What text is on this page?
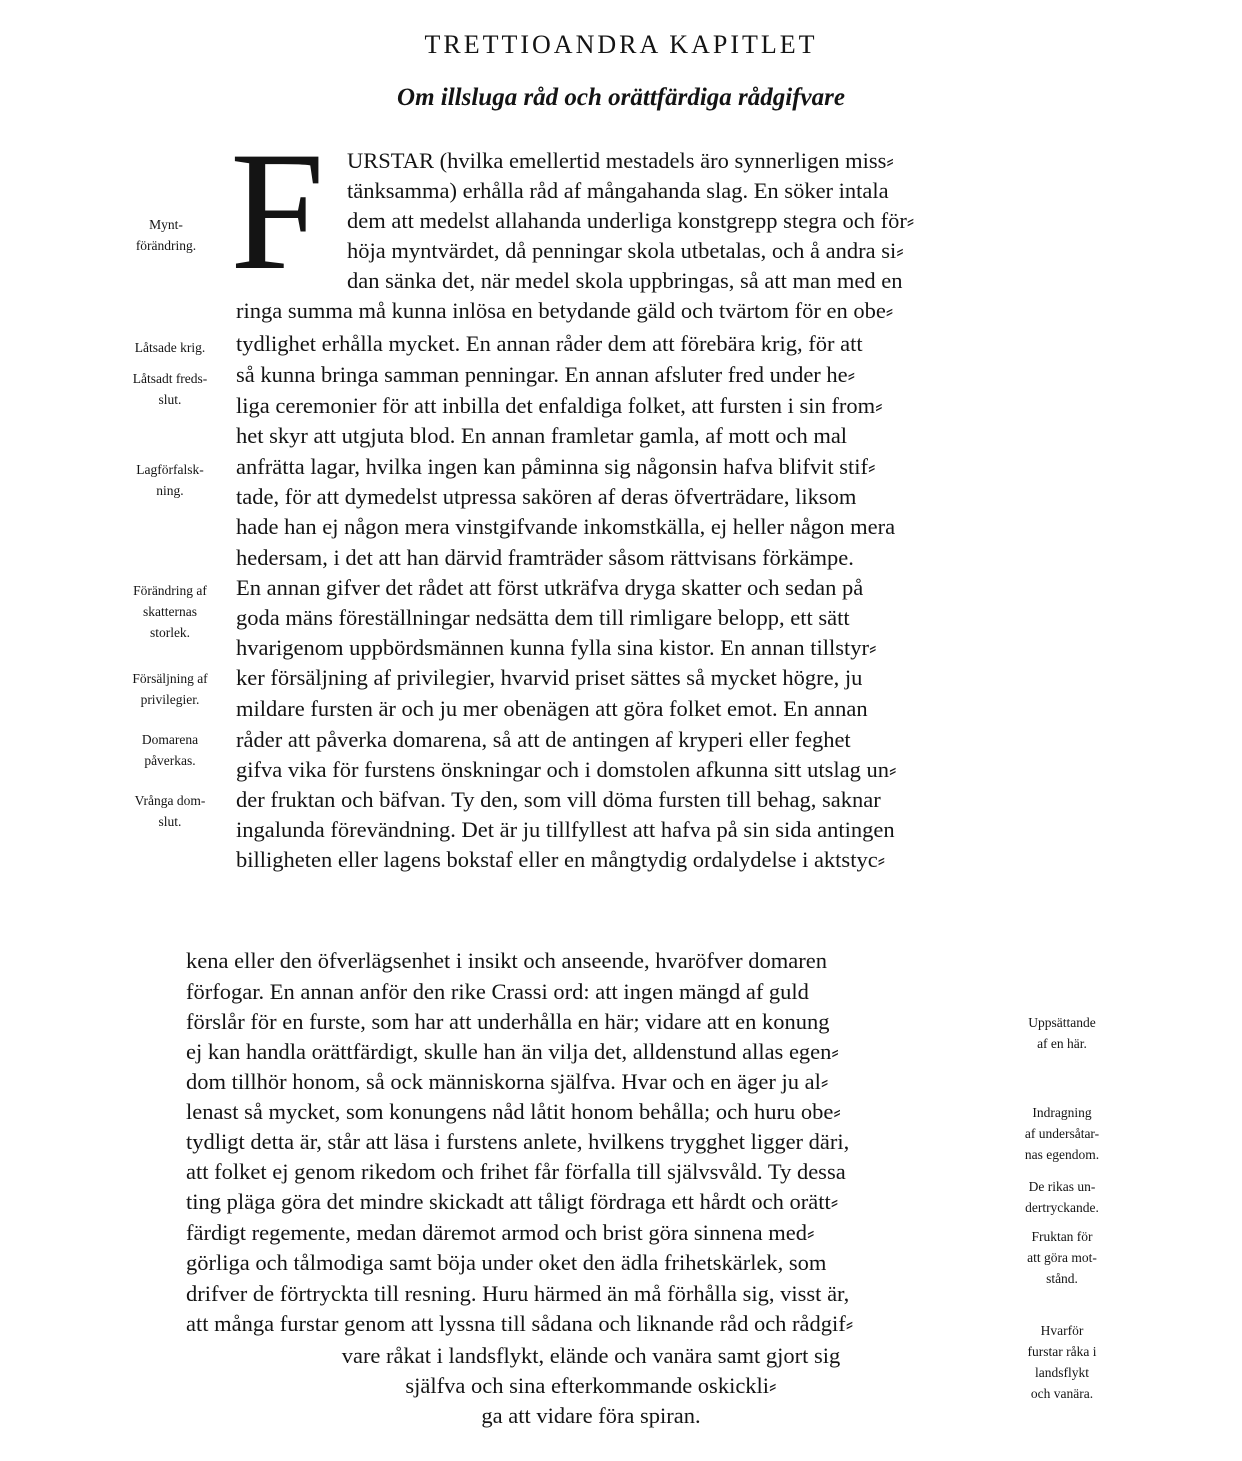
TRETTIOANDRA KAPITLET
Om illsluga råd och orättfärdiga rådgifvare
F URSTAR (hvilka emellertid mestadels äro synnerligen miss⸗
tänksamma) erhålla råd af mångahanda slag. En söker intala
dem att medelst allahanda underliga konstgrepp stegra och för⸗
höja myntvärdet, då penningar skola utbetalas, och å andra si⸗
dan sänka det, när medel skola uppbringas, så att man med en
ringa summa må kunna inlösa en betydande gäld och tvärtom för en obe⸗
tydlighet erhålla mycket. En annan råder dem att förebära krig, för att
så kunna bringa samman penningar. En annan afsluter fred under he⸗
liga ceremonier för att inbilla det enfaldiga folket, att fursten i sin from⸗
het skyr att utgjuta blod. En annan framletar gamla, af mott och mal
anfrätta lagar, hvilka ingen kan påminna sig någonsin hafva blifvit stif⸗
tade, för att dymedelst utpressa sakören af deras öfverträdare, liksom
hade han ej någon mera vinstgifvande inkomstkälla, ej heller någon mera
hedersam, i det att han därvid framträder såsom rättvisans förkämpe.
En annan gifver det rådet att först utkräfva dryga skatter och sedan på
goda mäns föreställningar nedsätta dem till rimligare belopp, ett sätt
hvarigenom uppbördsmännen kunna fylla sina kistor. En annan tillstyr⸗
ker försäljning af privilegier, hvarvid priset sättes så mycket högre, ju
mildare fursten är och ju mer obenägen att göra folket emot. En annan
råder att påverka domarena, så att de antingen af kryperi eller feghet
gifva vika för furstens önskningar och i domstolen afkunna sitt utslag un⸗
der fruktan och bäfvan. Ty den, som vill döma fursten till behag, saknar
ingalunda förevändning. Det är ju tillfyllest att hafva på sin sida antingen
billigheten eller lagens bokstaf eller en mångtydig ordalydelse i aktstyc⸗
Mynt-
förändring.
Låtsade krig.
Låtsadt freds-
slut.
Lagförfalsk-
ning.
Förändring af
skatternas
storlek.
Försäljning af
privilegier.
Domarena
påverkas.
Vrånga dom-
slut.
kena eller den öfverlägsenhet i insikt och anseende, hvaröfver domaren
förfogar. En annan anför den rike Crassi ord: att ingen mängd af guld
förslår för en furste, som har att underhålla en här; vidare att en konung
ej kan handla orättfärdigt, skulle han än vilja det, alldenstund allas egen⸗
dom tillhör honom, så ock människorna själfva. Hvar och en äger ju al⸗
lenast så mycket, som konungens nåd låtit honom behålla; och huru obe⸗
tydligt detta är, står att läsa i furstens anlete, hvilkens trygghet ligger däri,
att folket ej genom rikedom och frihet får förfalla till självsvåld. Ty dessa
ting pläga göra det mindre skickadt att tåligt fördraga ett hårdt och orätt⸗
färdigt regemente, medan däremot armod och brist göra sinnena med⸗
görliga och tålmodiga samt böja under oket den ädla frihetskärlek, som
drifver de förtryckta till resning. Huru härmed än må förhålla sig, visst är,
att många furstar genom att lyssna till sådana och liknande råd och rådgif⸗
vare råkat i landsflykt, elände och vanära samt gjort sig
själfva och sina efterkommande oskickli⸗
ga att vidare föra spiran.
Uppsättande
af en här.
Indragning
af undersåtar-
nas egendom.
De rikas un-
dertryckande.
Fruktan för
att göra mot-
stånd.
Hvarför
furstar råka i
landsflykt
och vanära.
